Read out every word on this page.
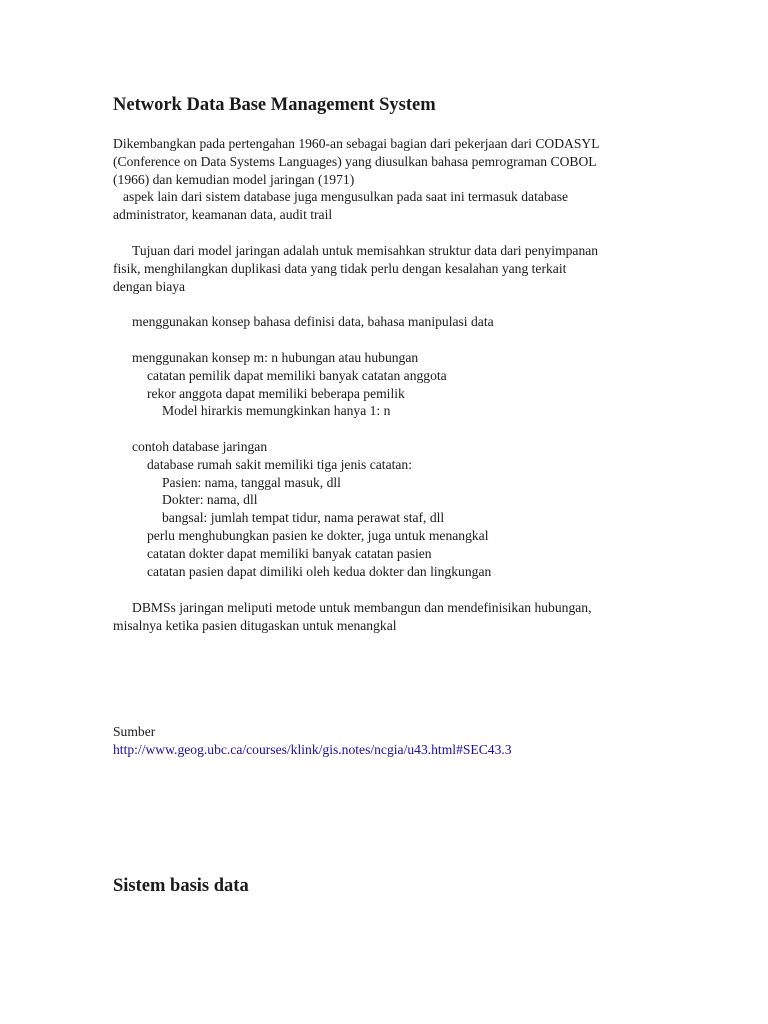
Network Data Base Management System
Dikembangkan pada pertengahan 1960-an sebagai bagian dari pekerjaan dari CODASYL
(Conference on Data Systems Languages) yang diusulkan bahasa pemrograman COBOL
(1966) dan kemudian model jaringan (1971)
aspek lain dari sistem database juga mengusulkan pada saat ini termasuk database
administrator, keamanan data, audit trail
Tujuan dari model jaringan adalah untuk memisahkan struktur data dari penyimpanan
fisik, menghilangkan duplikasi data yang tidak perlu dengan kesalahan yang terkait
dengan biaya
menggunakan konsep bahasa definisi data, bahasa manipulasi data
menggunakan konsep m: n hubungan atau hubungan
catatan pemilik dapat memiliki banyak catatan anggota
rekor anggota dapat memiliki beberapa pemilik
Model hirarkis memungkinkan hanya 1: n
contoh database jaringan
database rumah sakit memiliki tiga jenis catatan:
Pasien: nama, tanggal masuk, dll
Dokter: nama, dll
bangsal: jumlah tempat tidur, nama perawat staf, dll
perlu menghubungkan pasien ke dokter, juga untuk menangkal
catatan dokter dapat memiliki banyak catatan pasien
catatan pasien dapat dimiliki oleh kedua dokter dan lingkungan
DBMSs jaringan meliputi metode untuk membangun dan mendefinisikan hubungan,
misalnya ketika pasien ditugaskan untuk menangkal
Sumber
http://www.geog.ubc.ca/courses/klink/gis.notes/ncgia/u43.html#SEC43.3
Sistem basis data
